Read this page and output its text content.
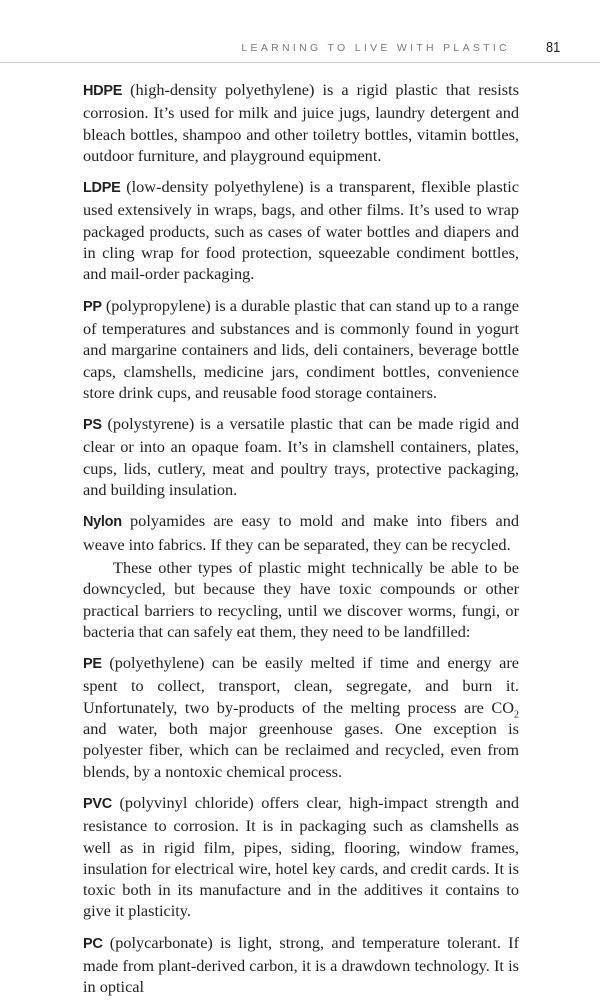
LEARNING TO LIVE WITH PLASTIC 81

HDPE (high-density polyethylene) is a rigid plastic that resists corrosion. It’s used for milk and juice jugs, laundry detergent and bleach bottles, shampoo and other toiletry bottles, vitamin bottles, outdoor furniture, and playground equipment.

LDPE (low-density polyethylene) is a transparent, flexible plastic used extensively in wraps, bags, and other films. It’s used to wrap packaged products, such as cases of water bottles and diapers and in cling wrap for food protection, squeezable condiment bottles, and mail-order packaging.

PP (polypropylene) is a durable plastic that can stand up to a range of temperatures and substances and is commonly found in yogurt and margarine containers and lids, deli containers, beverage bottle caps, clamshells, medicine jars, condiment bottles, convenience store drink cups, and reusable food storage containers.

PS (polystyrene) is a versatile plastic that can be made rigid and clear or into an opaque foam. It’s in clamshell containers, plates, cups, lids, cutlery, meat and poultry trays, protective packaging, and building insulation.

Nylon polyamides are easy to mold and make into fibers and weave into fabrics. If they can be separated, they can be recycled.

These other types of plastic might technically be able to be downcycled, but because they have toxic compounds or other practical barriers to recycling, until we discover worms, fungi, or bacteria that can safely eat them, they need to be landfilled:

PE (polyethylene) can be easily melted if time and energy are spent to collect, transport, clean, segregate, and burn it. Unfortunately, two by-products of the melting process are $CO_2$ and water, both major greenhouse gases. One exception is polyester fiber, which can be reclaimed and recycled, even from blends, by a nontoxic chemical process.

PVC (polyvinyl chloride) offers clear, high-impact strength and resistance to corrosion. It is in packaging such as clamshells as well as in rigid film, pipes, siding, flooring, window frames, insulation for electrical wire, hotel key cards, and credit cards. It is toxic both in its manufacture and in the additives it contains to give it plasticity.

PC (polycarbonate) is light, strong, and temperature tolerant. If made from plant-derived carbon, it is a drawdown technology. It is in optical
